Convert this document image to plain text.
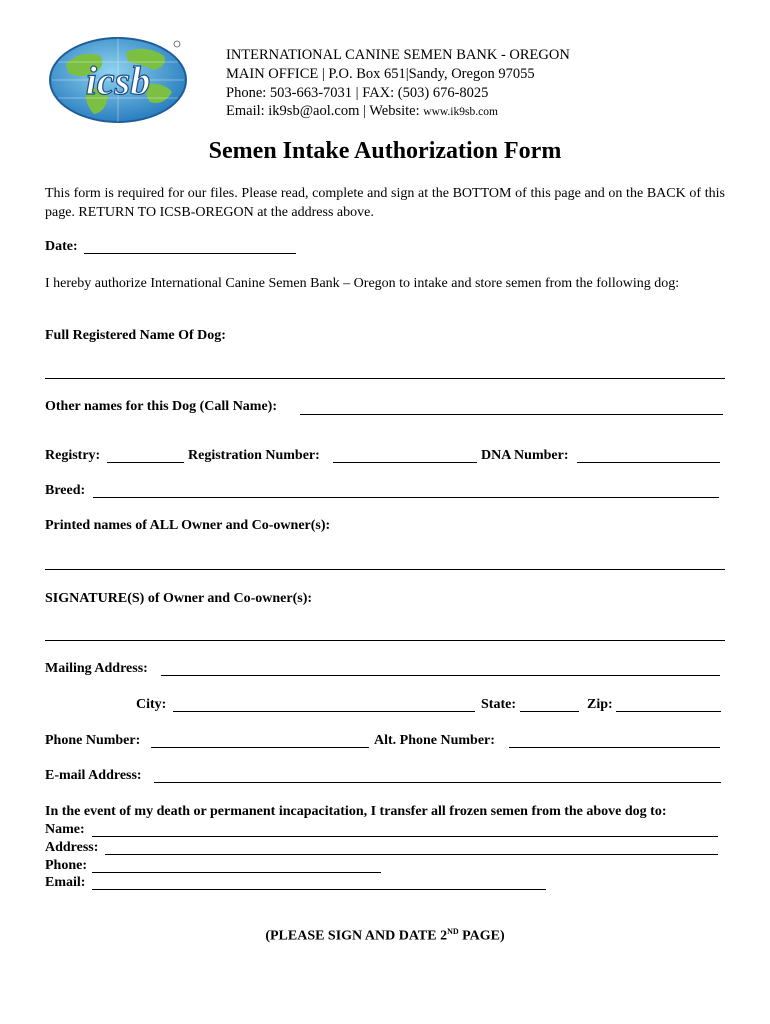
icsb
INTERNATIONAL CANINE SEMEN BANK - OREGON
MAIN OFFICE | P.O. Box 651|Sandy, Oregon 97055
Phone: 503-663-7031 | FAX: (503) 676-8025
Email: ik9sb@aol.com | Website: www.ik9sb.com
Semen Intake Authorization Form
This form is required for our files. Please read, complete and sign at the BOTTOM of this page and on the BACK of this page. RETURN TO ICSB-OREGON at the address above.
Date:
I hereby authorize International Canine Semen Bank – Oregon to intake and store semen from the following dog:
Full Registered Name Of Dog:
Other names for this Dog (Call Name):
Registry:	Registration Number:	DNA Number:
Breed:
Printed names of ALL Owner and Co-owner(s):
SIGNATURE(S) of Owner and Co-owner(s):
Mailing Address:
City:	State:	Zip:
Phone Number:	Alt. Phone Number:
E-mail Address:
In the event of my death or permanent incapacitation, I transfer all frozen semen from the above dog to:
Name:
Address:
Phone:
Email:
(PLEASE SIGN AND DATE 2ND PAGE)
